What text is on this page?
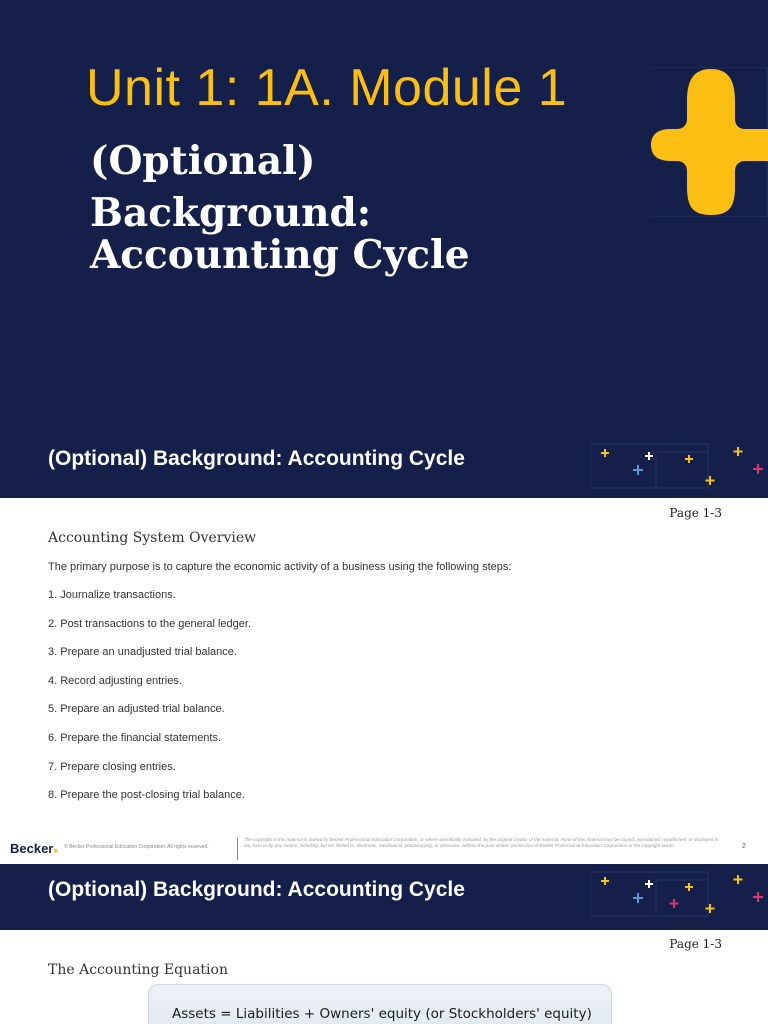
Unit 1: 1A. Module 1
(Optional)
Background:
Accounting Cycle
(Optional) Background: Accounting Cycle
Page 1-3
Accounting System Overview
The primary purpose is to capture the economic activity of a business using the following steps:
1. Journalize transactions.
2. Post transactions to the general ledger.
3. Prepare an unadjusted trial balance.
4. Record adjusting entries.
5. Prepare an adjusted trial balance.
6. Prepare the financial statements.
7. Prepare closing entries.
8. Prepare the post-closing trial balance.
Becker● © Becker Professional Education Corporation. All rights reserved.
The copyright in this material is owned by Becker Professional Education Corporation, or where specifically indicated, by the original creator of the material. None of this material may be copied, reproduced, republished, or displayed in any form or by any means, including, but not limited to, electronic, mechanical, photocopying, or otherwise, without the prior written permission of Becker Professional Education Corporation or the copyright owner.	2
(Optional) Background: Accounting Cycle
Page 1-3
The Accounting Equation
Assets = Liabilities + Owners' equity (or Stockholders' equity)
